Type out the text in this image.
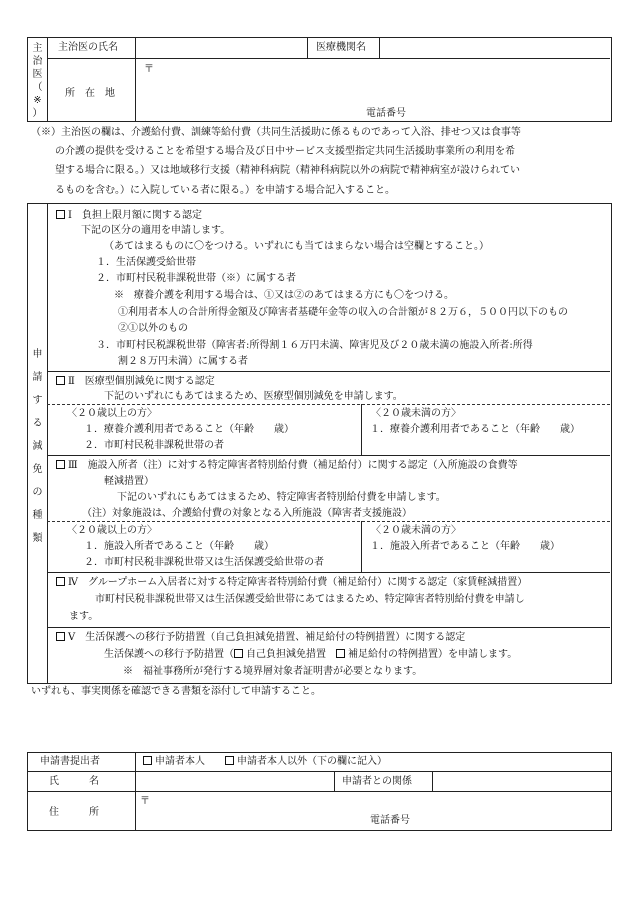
主
治
医
（
※
）
主治医の氏名	医療機関名
所　在　地
〒
電話番号
（※）主治医の欄は、介護給付費、訓練等給付費（共同生活援助に係るものであって入浴、排せつ又は食事等
の介護の提供を受けることを希望する場合及び日中サービス支援型指定共同生活援助事業所の利用を希
望する場合に限る。）又は地域移行支援（精神科病院（精神科病院以外の病院で精神病室が設けられてい
るものを含む。）に入院している者に限る。）を申請する場合記入すること。
申
請
す
る
減
免
の
種
類
Ⅰ　負担上限月額に関する認定
下記の区分の適用を申請します。
（あてはまるものに〇をつける。いずれにも当てはまらない場合は空欄とすること。）
１．生活保護受給世帯
２．市町村民税非課税世帯（※）に属する者
※　療養介護を利用する場合は、①又は②のあてはまる方にも〇をつける。
①利用者本人の合計所得金額及び障害者基礎年金等の収入の合計額が８２万６，５００円以下のもの
②①以外のもの
３．市町村民税課税世帯（障害者:所得割１６万円未満、障害児及び２０歳未満の施設入所者:所得
割２８万円未満）に属する者
Ⅱ　医療型個別減免に関する認定
下記のいずれにもあてはまるため、医療型個別減免を申請します。
〈２０歳以上の方〉
１．療養介護利用者であること（年齢　　歳）
２．市町村民税非課税世帯の者
〈２０歳未満の方〉
１．療養介護利用者であること（年齢　　歳）
Ⅲ　施設入所者（注）に対する特定障害者特別給付費（補足給付）に関する認定（入所施設の食費等
軽減措置）
下記のいずれにもあてはまるため、特定障害者特別給付費を申請します。
（注）対象施設は、介護給付費の対象となる入所施設（障害者支援施設）
〈２０歳以上の方〉
１．施設入所者であること（年齢　　歳）
２．市町村民税非課税世帯又は生活保護受給世帯の者
〈２０歳未満の方〉
１．施設入所者であること（年齢　　歳）
Ⅳ　グループホーム入居者に対する特定障害者特別給付費（補足給付）に関する認定（家賃軽減措置）
市町村民税非課税世帯又は生活保護受給世帯にあてはまるため、特定障害者特別給付費を申請し
ます。
Ⅴ　生活保護への移行予防措置（自己負担減免措置、補足給付の特例措置）に関する認定
生活保護への移行予防措置（ 自己負担減免措置　補足給付の特例措置）を申請します。
※　福祉事務所が発行する境界層対象者証明書が必要となります。
いずれも、事実関係を確認できる書類を添付して申請すること。
申請書提出者	申請者本人　　	申請者本人以外（下の欄に記入）
氏　　　名	申請者との関係
住　　　所
〒
電話番号
